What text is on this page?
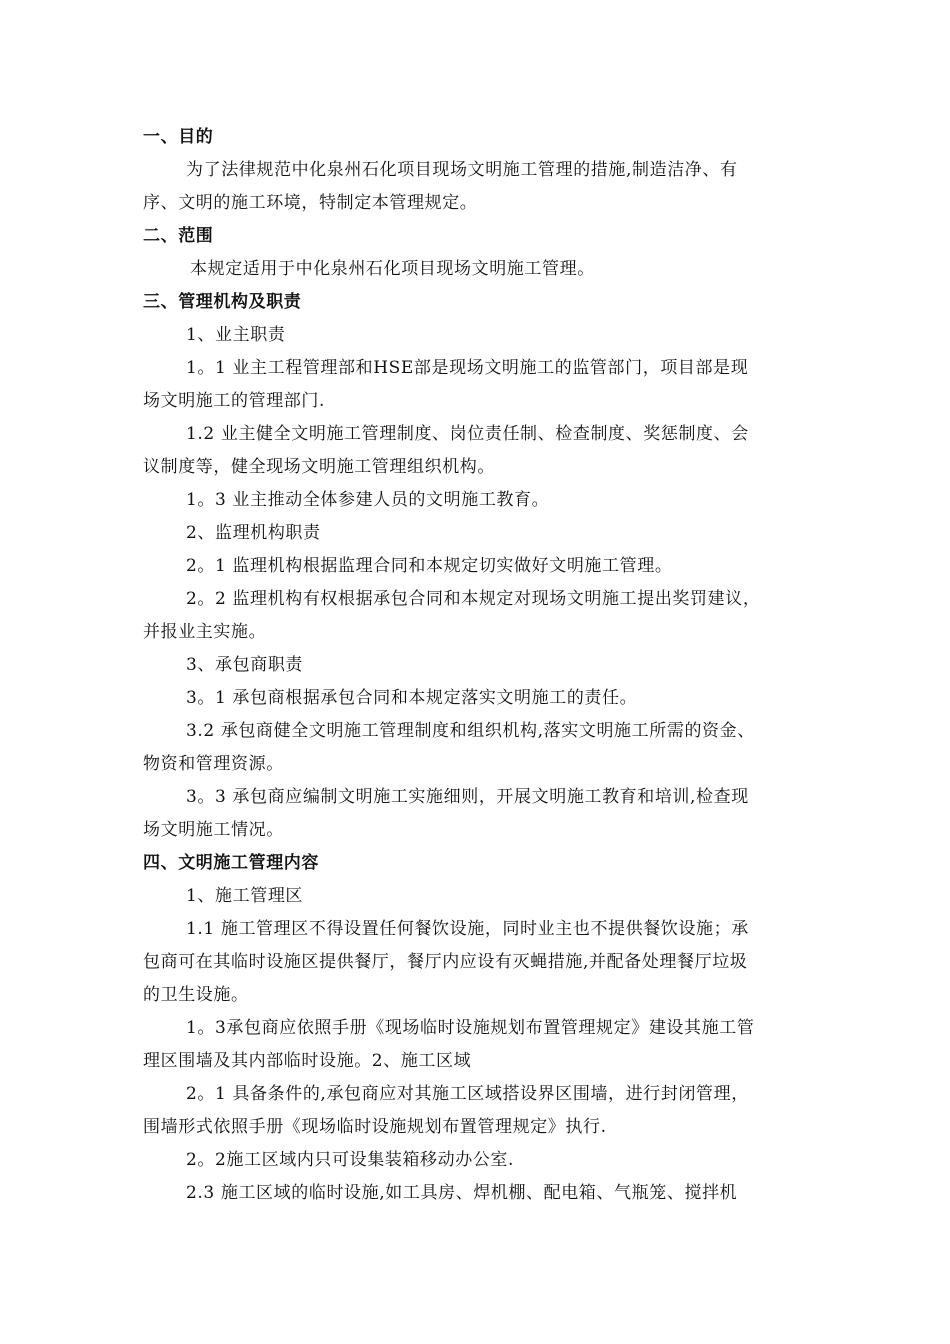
一、目的
为了法律规范中化泉州石化项目现场文明施工管理的措施,制造洁净、有
序、文明的施工环境，特制定本管理规定。
二、范围
本规定适用于中化泉州石化项目现场文明施工管理。
三、管理机构及职责
1、业主职责
1。1 业主工程管理部和HSE部是现场文明施工的监管部门，项目部是现
场文明施工的管理部门.
1.2 业主健全文明施工管理制度、岗位责任制、检查制度、奖惩制度、会
议制度等，健全现场文明施工管理组织机构。
1。3 业主推动全体参建人员的文明施工教育。
2、监理机构职责
2。1 监理机构根据监理合同和本规定切实做好文明施工管理。
2。2 监理机构有权根据承包合同和本规定对现场文明施工提出奖罚建议，
并报业主实施。
3、承包商职责
3。1 承包商根据承包合同和本规定落实文明施工的责任。
3.2 承包商健全文明施工管理制度和组织机构,落实文明施工所需的资金、
物资和管理资源。
3。3 承包商应编制文明施工实施细则，开展文明施工教育和培训,检查现
场文明施工情况。
四、文明施工管理内容
1、施工管理区
1.1 施工管理区不得设置任何餐饮设施，同时业主也不提供餐饮设施；承
包商可在其临时设施区提供餐厅，餐厅内应设有灭蝇措施,并配备处理餐厅垃圾
的卫生设施。
1。3承包商应依照手册《现场临时设施规划布置管理规定》建设其施工管
理区围墙及其内部临时设施。2、施工区域
2。1 具备条件的,承包商应对其施工区域搭设界区围墙，进行封闭管理，
围墙形式依照手册《现场临时设施规划布置管理规定》执行.
2。2施工区域内只可设集装箱移动办公室.
2.3 施工区域的临时设施,如工具房、焊机棚、配电箱、气瓶笼、搅拌机
